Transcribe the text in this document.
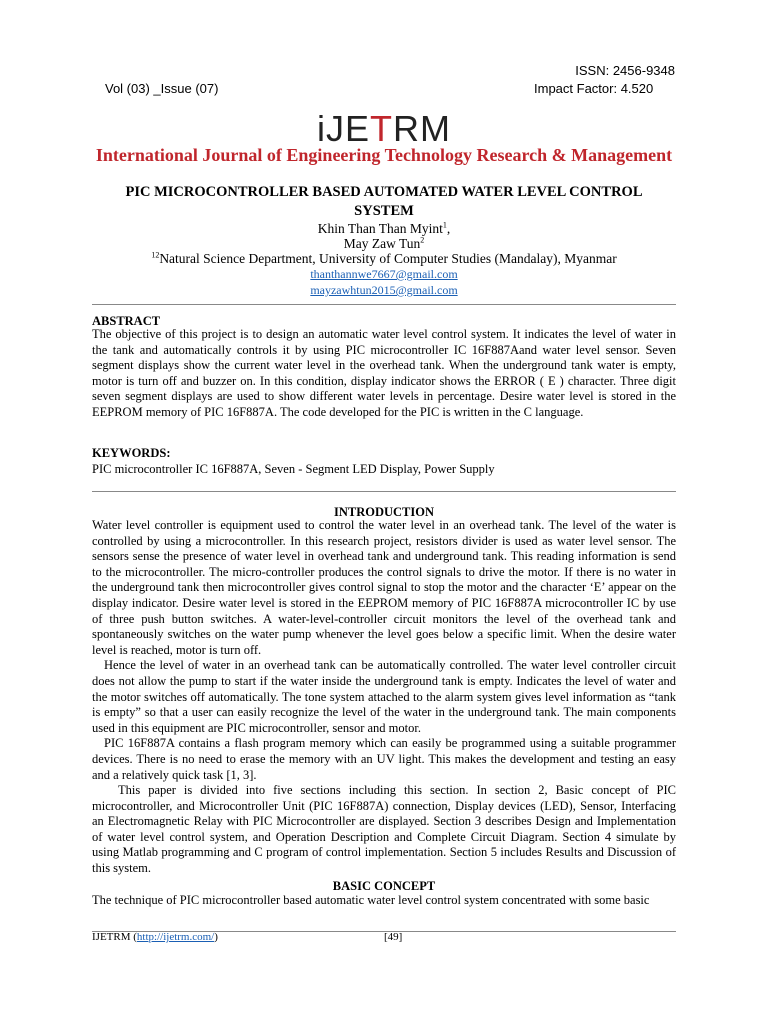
ISSN: 2456-9348
Vol (03) _Issue (07)	Impact Factor: 4.520
iJETRM
International Journal of Engineering Technology Research & Management
PIC MICROCONTROLLER BASED AUTOMATED WATER LEVEL CONTROL SYSTEM
Khin Than Than Myint$^1$,
May Zaw Tun$^2$
$^{12}$Natural Science Department, University of Computer Studies (Mandalay), Myanmar
thanthannwe7667@gmail.com
mayzawhtun2015@gmail.com
ABSTRACT

The objective of this project is to design an automatic water level control system. It indicates the level of water in the tank and automatically controls it by using PIC microcontroller IC 16F887Aand water level sensor. Seven segment displays show the current water level in the overhead tank. When the underground tank water is empty, motor is turn off and buzzer on. In this condition, display indicator shows the ERROR ( E ) character. Three digit seven segment displays are used to show different water levels in percentage. Desire water level is stored in the EEPROM memory of PIC 16F887A. The code developed for the PIC is written in the C language.

KEYWORDS:

PIC microcontroller IC 16F887A, Seven - Segment LED Display, Power Supply

INTRODUCTION

Water level controller is equipment used to control the water level in an overhead tank. The level of the water is controlled by using a microcontroller. In this research project, resistors divider is used as water level sensor. The sensors sense the presence of water level in overhead tank and underground tank. This reading information is send to the microcontroller. The micro-controller produces the control signals to drive the motor. If there is no water in the underground tank then microcontroller gives control signal to stop the motor and the character ‘E’ appear on the display indicator. Desire water level is stored in the EEPROM memory of PIC 16F887A microcontroller IC by use of three push button switches. A water-level-controller circuit monitors the level of the overhead tank and spontaneously switches on the water pump whenever the level goes below a specific limit. When the desire water level is reached, motor is turn off.

Hence the level of water in an overhead tank can be automatically controlled. The water level controller circuit does not allow the pump to start if the water inside the underground tank is empty. Indicates the level of water and the motor switches off automatically. The tone system attached to the alarm system gives level information as “tank is empty” so that a user can easily recognize the level of the water in the underground tank. The main components used in this equipment are PIC microcontroller, sensor and motor.

PIC 16F887A contains a flash program memory which can easily be programmed using a suitable programmer devices. There is no need to erase the memory with an UV light. This makes the development and testing an easy and a relatively quick task [1, 3].

This paper is divided into five sections including this section. In section 2, Basic concept of PIC microcontroller, and Microcontroller Unit (PIC 16F887A) connection, Display devices (LED), Sensor, Interfacing an Electromagnetic Relay with PIC Microcontroller are displayed. Section 3 describes Design and Implementation of water level control system, and Operation Description and Complete Circuit Diagram. Section 4 simulate by using Matlab programming and C program of control implementation. Section 5 includes Results and Discussion of this system.

BASIC CONCEPT

The technique of PIC microcontroller based automatic water level control system concentrated with some basic

IJETRM (http://ijetrm.com/)	[49]
